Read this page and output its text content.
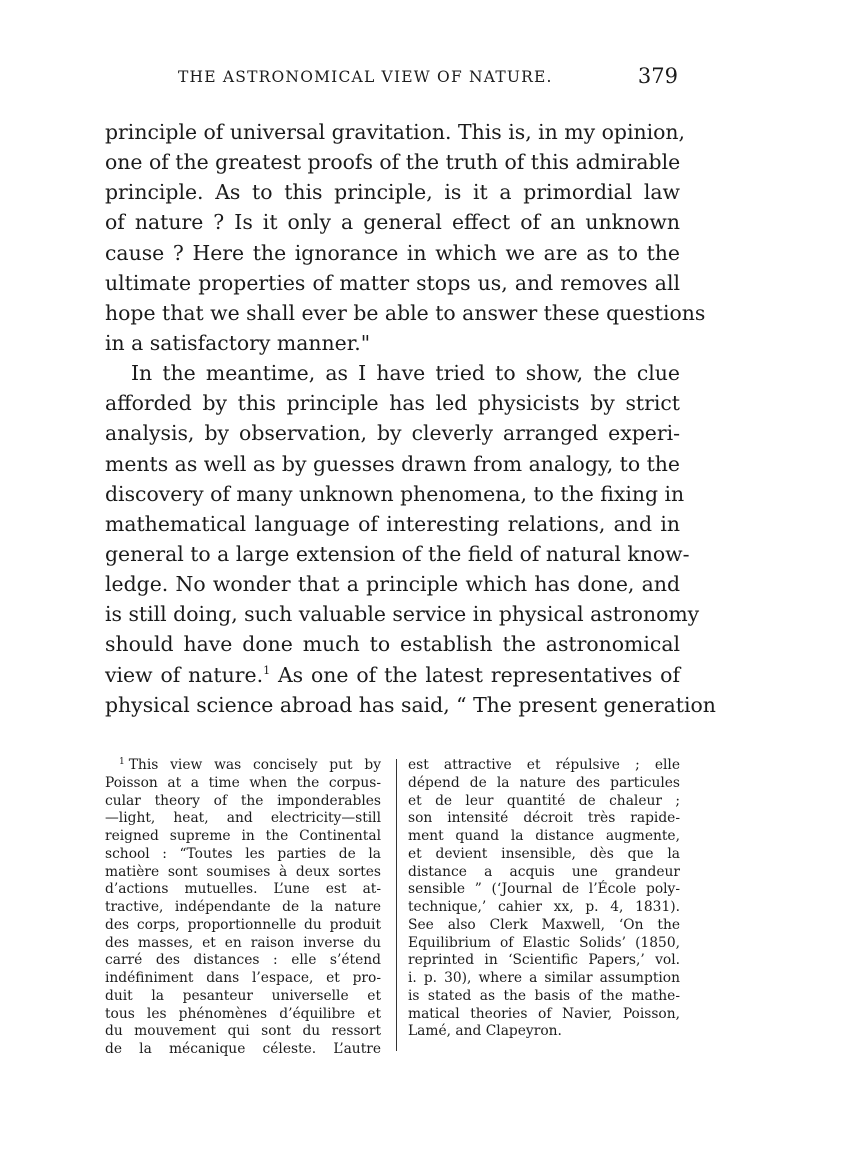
THE ASTRONOMICAL VIEW OF NATURE.	379
principle of universal gravitation. This is, in my opinion,
one of the greatest proofs of the truth of this admirable
principle. As to this principle, is it a primordial law
of nature ? Is it only a general effect of an unknown
cause ? Here the ignorance in which we are as to the
ultimate properties of matter stops us, and removes all
hope that we shall ever be able to answer these questions
in a satisfactory manner."
In the meantime, as I have tried to show, the clue
afforded by this principle has led physicists by strict
analysis, by observation, by cleverly arranged experi-
ments as well as by guesses drawn from analogy, to the
discovery of many unknown phenomena, to the fixing in
mathematical language of interesting relations, and in
general to a large extension of the field of natural know-
ledge. No wonder that a principle which has done, and
is still doing, such valuable service in physical astronomy
should have done much to establish the astronomical
view of nature.$^1$ As one of the latest representatives of
physical science abroad has said, “ The present generation
$^1$ This view was concisely put by
Poisson at a time when the corpus-
cular theory of the imponderables
—light, heat, and electricity—still
reigned supreme in the Continental
school : “Toutes les parties de la
matière sont soumises à deux sortes
d’actions mutuelles. L’une est at-
tractive, indépendante de la nature
des corps, proportionnelle du produit
des masses, et en raison inverse du
carré des distances : elle s’étend
indéfiniment dans l’espace, et pro-
duit la pesanteur universelle et
tous les phénomènes d’équilibre et
du mouvement qui sont du ressort
de la mécanique céleste. L’autre
est attractive et répulsive ; elle
dépend de la nature des particules
et de leur quantité de chaleur ;
son intensité décroit très rapide-
ment quand la distance augmente,
et devient insensible, dès que la
distance a acquis une grandeur
sensible ” (‘Journal de l’École poly-
technique,’ cahier xx, p. 4, 1831).
See also Clerk Maxwell, ‘On the
Equilibrium of Elastic Solids’ (1850,
reprinted in ‘Scientific Papers,’ vol.
i. p. 30), where a similar assumption
is stated as the basis of the mathe-
matical theories of Navier, Poisson,
Lamé, and Clapeyron.
